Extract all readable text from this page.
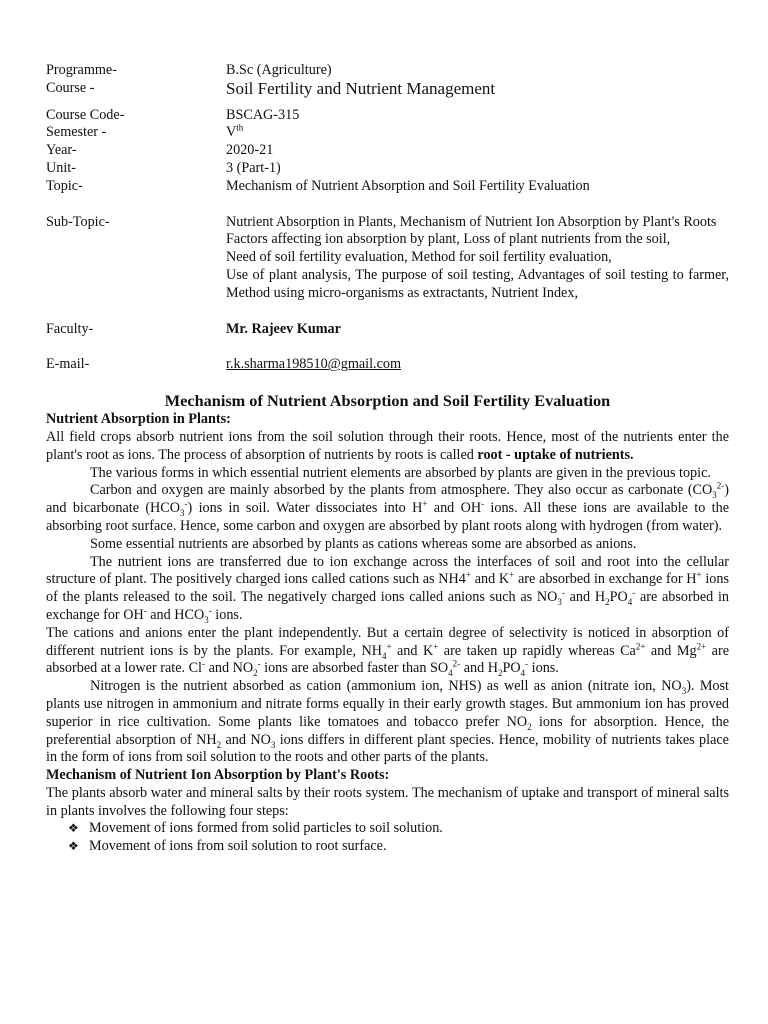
Programme-	B.Sc (Agriculture)
Course -	Soil Fertility and Nutrient Management
Course Code-	BSCAG-315
Semester -	Vth
Year-	2020-21
Unit-	3 (Part-1)
Topic-	Mechanism of Nutrient Absorption and Soil Fertility Evaluation
Sub-Topic-	Nutrient Absorption in Plants, Mechanism of Nutrient Ion Absorption by Plant's Roots

Factors affecting ion absorption by plant, Loss of plant nutrients from the soil,

Need of soil fertility evaluation, Method for soil fertility evaluation,

Use of plant analysis, The purpose of soil testing, Advantages of soil testing to farmer, Method using micro-organisms as extractants, Nutrient Index,

Faculty-	Mr. Rajeev Kumar
E-mail-	r.k.sharma198510@gmail.com
Mechanism of Nutrient Absorption and Soil Fertility Evaluation
Nutrient Absorption in Plants:

All field crops absorb nutrient ions from the soil solution through their roots. Hence, most of the nutrients enter the plant's root as ions. The process of absorption of nutrients by roots is called root - uptake of nutrients.

The various forms in which essential nutrient elements are absorbed by plants are given in the previous topic.

Carbon and oxygen are mainly absorbed by the plants from atmosphere. They also occur as carbonate $(CO_3^{2-})$ and bicarbonate $(HCO_3^-)$ ions in soil. Water dissociates into H+ and OH- ions. All these ions are available to the absorbing root surface. Hence, some carbon and oxygen are absorbed by plant roots along with hydrogen (from water).

Some essential nutrients are absorbed by plants as cations whereas some are absorbed as anions.

The nutrient ions are transferred due to ion exchange across the interfaces of soil and root into the cellular structure of plant. The positively charged ions called cations such as NH4+ and K+ are absorbed in exchange for H+ ions of the plants released to the soil. The negatively charged ions called anions such as $NO_3^-$ and $H_2PO_4^-$ are absorbed in exchange for OH- and $HCO_3^-$ ions.

The cations and anions enter the plant independently. But a certain degree of selectivity is noticed in absorption of different nutrient ions is by the plants. For example, $NH_4^+$ and K+ are taken up rapidly whereas $Ca^{2+}$ and $Mg^{2+}$ are absorbed at a lower rate. Cl- and $NO_2^-$ ions are absorbed faster than $SO_4^{2-}$ and $H_2PO_4^-$ ions.

Nitrogen is the nutrient absorbed as cation (ammonium ion, NHS) as well as anion (nitrate ion, $NO_3$). Most plants use nitrogen in ammonium and nitrate forms equally in their early growth stages. But ammonium ion has proved superior in rice cultivation. Some plants like tomatoes and tobacco prefer $NO_2$ ions for absorption. Hence, the preferential absorption of $NH_2$ and $NO_3$ ions differs in different plant species. Hence, mobility of nutrients takes place in the form of ions from soil solution to the roots and other parts of the plants.

Mechanism of Nutrient Ion Absorption by Plant's Roots:

The plants absorb water and mineral salts by their roots system. The mechanism of uptake and transport of mineral salts in plants involves the following four steps:

❖ Movement of ions formed from solid particles to soil solution.
❖ Movement of ions from soil solution to root surface.
